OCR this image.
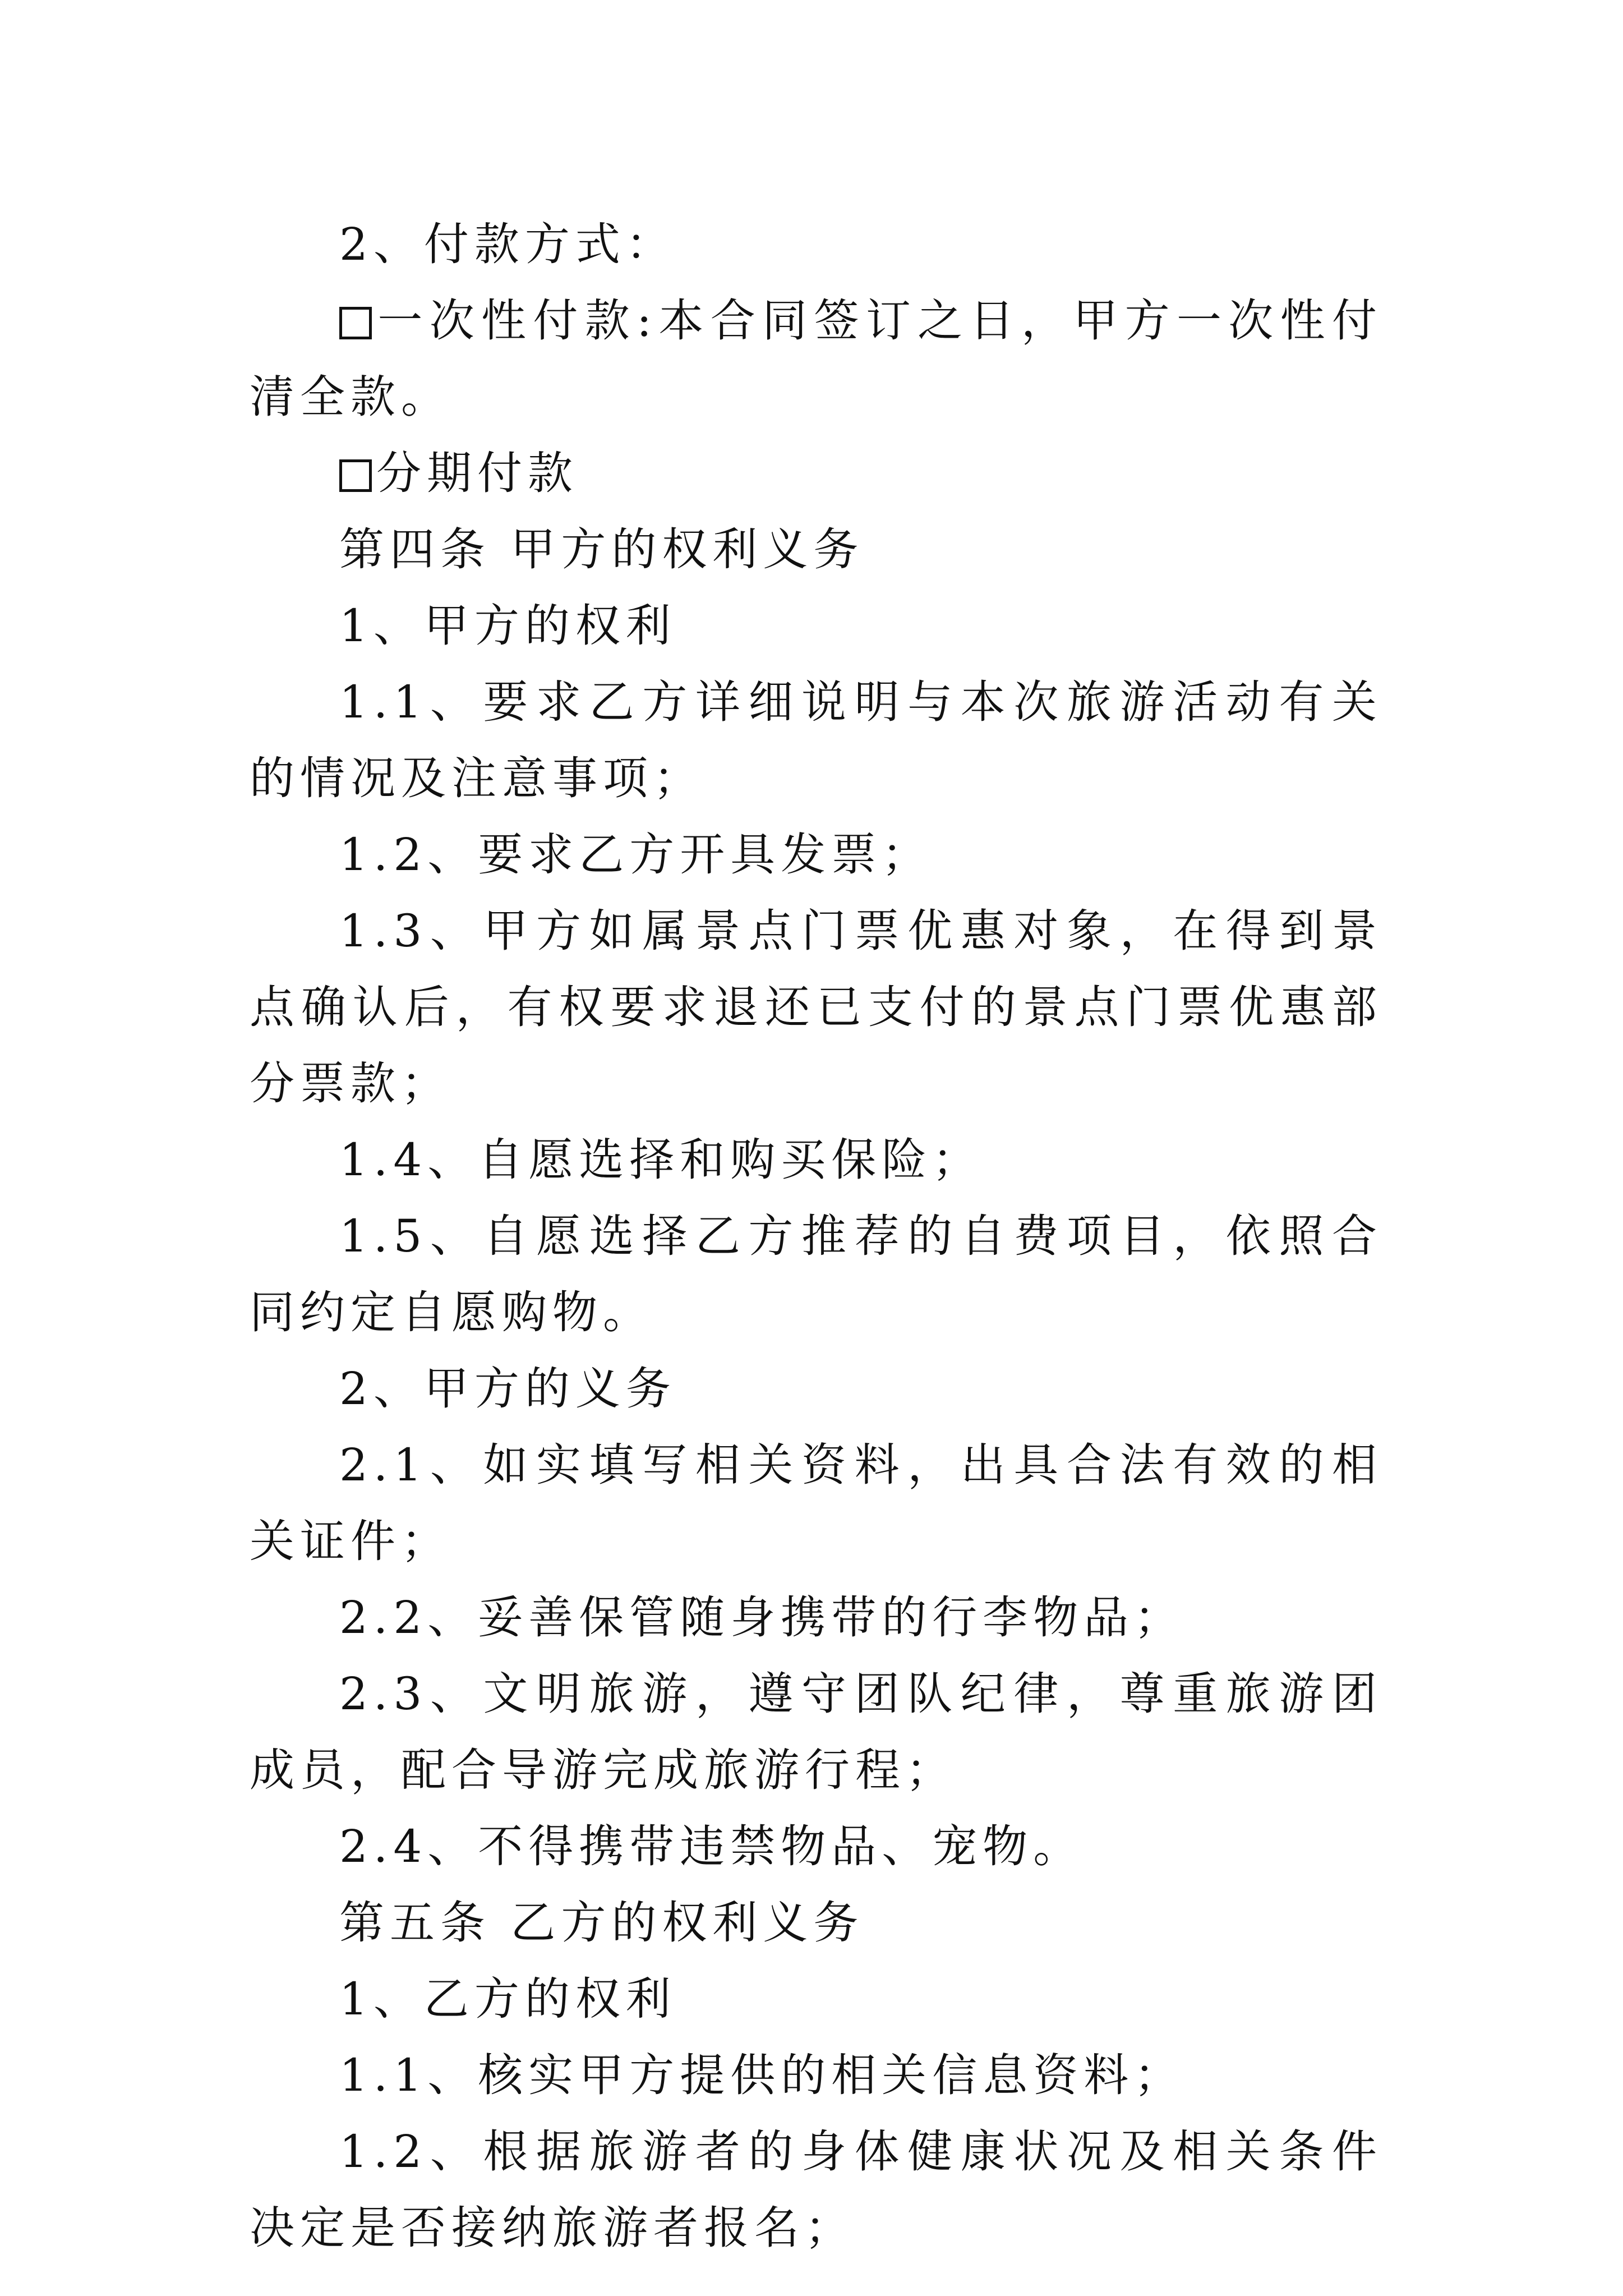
2、付款方式：

一次性付款:本合同签订之日，甲方一次性付清全款。

分期付款

第四条 甲方的权利义务

1、甲方的权利

1.1、要求乙方详细说明与本次旅游活动有关的情况及注意事项；

1.2、要求乙方开具发票；

1.3、甲方如属景点门票优惠对象，在得到景点确认后，有权要求退还已支付的景点门票优惠部分票款；

1.4、自愿选择和购买保险；

1.5、自愿选择乙方推荐的自费项目，依照合同约定自愿购物。

2、甲方的义务

2.1、如实填写相关资料，出具合法有效的相关证件；

2.2、妥善保管随身携带的行李物品；

2.3、文明旅游，遵守团队纪律，尊重旅游团成员，配合导游完成旅游行程；

2.4、不得携带违禁物品、宠物。

第五条 乙方的权利义务

1、乙方的权利

1.1、核实甲方提供的相关信息资料；

1.2、根据旅游者的身体健康状况及相关条件决定是否接纳旅游者报名；
